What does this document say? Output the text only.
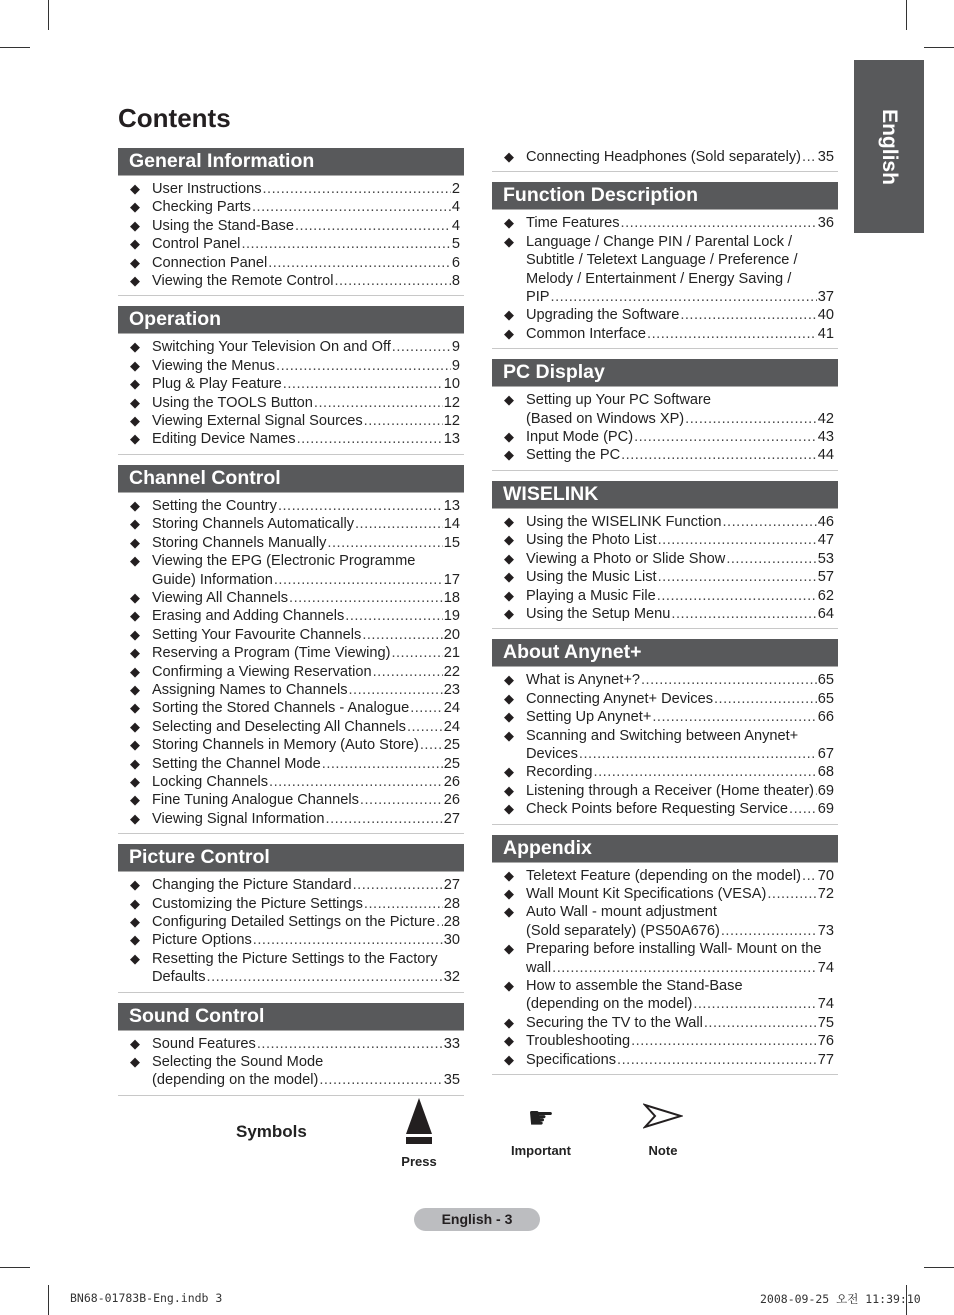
English
Contents
General Information
◆ User Instructions .....	2
◆ Checking Parts .....	4
◆ Using the Stand-Base .....	4
◆ Control Panel .....	5
◆ Connection Panel .....	6
◆ Viewing the Remote Control .....	8
Operation
◆ Switching Your Television On and Off .....	9
◆ Viewing the Menus .....	9
◆ Plug & Play Feature .....	10
◆ Using the TOOLS Button .....	12
◆ Viewing External Signal Sources .....	12
◆ Editing Device Names .....	13
Channel Control
◆ Setting the Country .....	13
◆ Storing Channels Automatically .....	14
◆ Storing Channels Manually .....	15
◆ Viewing the EPG (Electronic Programme
Guide) Information .....	17
◆ Viewing All Channels .....	18
◆ Erasing and Adding Channels .....	19
◆ Setting Your Favourite Channels .....	20
◆ Reserving a Program (Time Viewing) .....	21
◆ Confirming a Viewing Reservation .....	22
◆ Assigning Names to Channels .....	23
◆ Sorting the Stored Channels - Analogue ..... 24
◆ Selecting and Deselecting All Channels .....	24
◆ Storing Channels in Memory (Auto Store) ..... 25
◆ Setting the Channel Mode .....	25
◆ Locking Channels .....	26
◆ Fine Tuning Analogue Channels .....	26
◆ Viewing Signal Information .....	27
Picture Control
◆ Changing the Picture Standard .....	27
◆ Customizing the Picture Settings .....	28
◆ Configuring Detailed Settings on the Picture ..... 28
◆ Picture Options .....	30
◆ Resetting the Picture Settings to the Factory
Defaults .....	32
Sound Control
◆ Sound Features .....	33
◆ Selecting the Sound Mode
(depending on the model) .....	35
◆ Connecting Headphones (Sold separately) ..... 35
Function Description
◆ Time Features .....	36
◆ Language / Change PIN / Parental Lock /
Subtitle / Teletext Language / Preference /
Melody / Entertainment / Energy Saving /
PIP .....	37
◆ Upgrading the Software .....	40
◆ Common Interface .....	41
PC Display
◆ Setting up Your PC Software
(Based on Windows XP) .....	42
◆ Input Mode (PC) .....	43
◆ Setting the PC .....	44
WISELINK
◆ Using the WISELINK Function .....	46
◆ Using the Photo List .....	47
◆ Viewing a Photo or Slide Show .....	53
◆ Using the Music List .....	57
◆ Playing a Music File .....	62
◆ Using the Setup Menu .....	64
About Anynet+
◆ What is Anynet+? .....	65
◆ Connecting Anynet+ Devices .....	65
◆ Setting Up Anynet+ .....	66
◆ Scanning and Switching between Anynet+
Devices .....	67
◆ Recording .....	68
◆ Listening through a Receiver (Home theater) ..... 69
◆ Check Points before Requesting Service ..... 69
Appendix
◆ Teletext Feature (depending on the model) ..... 70
◆ Wall Mount Kit Specifications (VESA) .....	72
◆ Auto Wall - mount adjustment
(Sold separately) (PS50A676) .....	73
◆ Preparing before installing Wall- Mount on the
wall .....	74
◆ How to assemble the Stand-Base
(depending on the model) .....	74
◆ Securing the TV to the Wall .....	75
◆ Troubleshooting .....	76
◆ Specifications .....	77
Symbols
Press
☛
Important	Note
English - 3
BN68-01783B-Eng.indb 3	2008-09-25 오전 11:39:10
